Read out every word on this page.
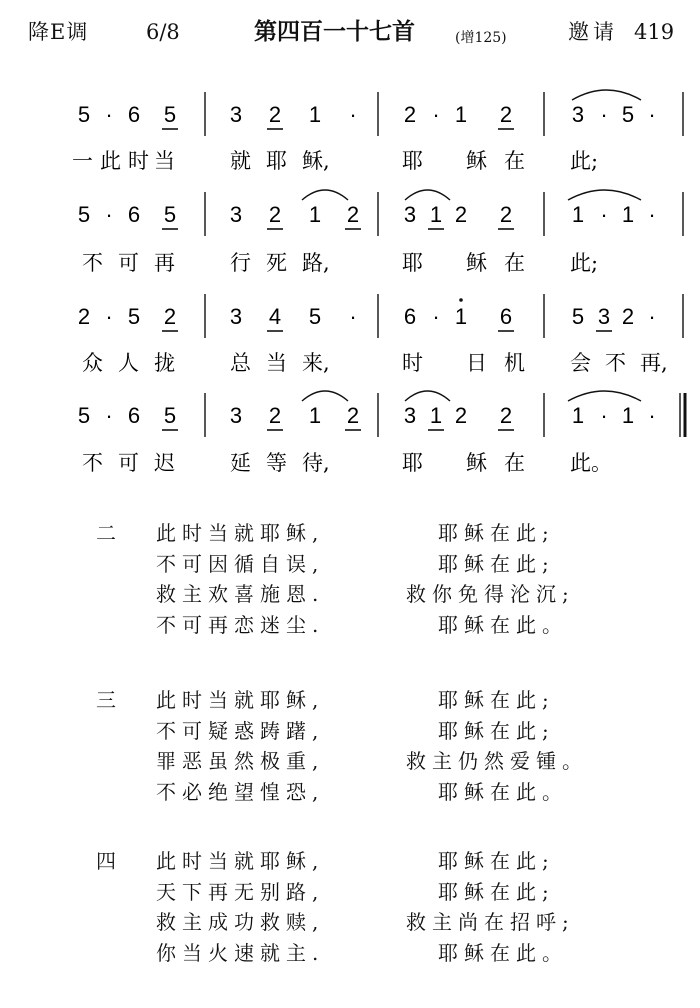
降E调	6/8	第四百一十七首	(增125)	邀请 419
5 · 6 5 3 2 1 · 2 · 1 2	3 · 5 ·
一 此 时 当	就 耶 稣,	耶 稣 在 此;
5 · 6 5 3 2 1 2 3 1 2 2	1 · 1 ·
不 可 再	行 死 路,	耶 稣 在 此;
2 · 5 2 3 4 5 · 6 · 1 6	5 3 2 ·
众 人 拢	总 当 来,	时 日 机 会 不 再,
5 · 6 5 3 2 1 2 3 1 2 2	1 · 1 ·
不 可 迟	延 等 待,	耶 稣 在 此。
二 此时当就耶稣,	耶稣在此;
不可因循自误,	耶稣在此;
救主欢喜施恩.	救你免得沦沉;
不可再恋迷尘.	耶稣在此。
三 此时当就耶稣,	耶稣在此;
不可疑惑踌躇,	耶稣在此;
罪恶虽然极重,	救主仍然爱锺。
不必绝望惶恐,	耶稣在此。
四 此时当就耶稣,	耶稣在此;
天下再无别路,	耶稣在此;
救主成功救赎,	救主尚在招呼;
你当火速就主.	耶稣在此。
